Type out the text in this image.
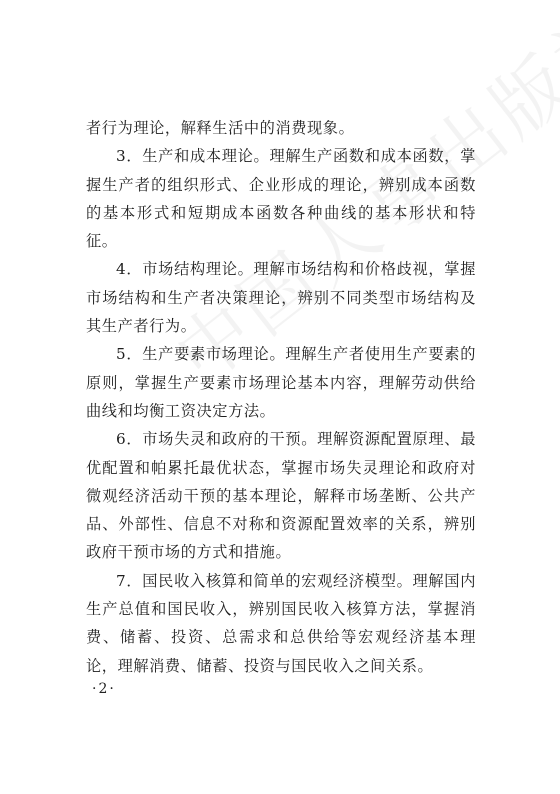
者行为理论，解释生活中的消费现象。

3．生产和成本理论。理解生产函数和成本函数，掌握生产者的组织形式、企业形成的理论，辨别成本函数的基本形式和短期成本函数各种曲线的基本形状和特征。

4．市场结构理论。理解市场结构和价格歧视，掌握市场结构和生产者决策理论，辨别不同类型市场结构及其生产者行为。

5．生产要素市场理论。理解生产者使用生产要素的原则，掌握生产要素市场理论基本内容，理解劳动供给曲线和均衡工资决定方法。

6．市场失灵和政府的干预。理解资源配置原理、最优配置和帕累托最优状态，掌握市场失灵理论和政府对微观经济活动干预的基本理论，解释市场垄断、公共产品、外部性、信息不对称和资源配置效率的关系，辨别政府干预市场的方式和措施。

7．国民收入核算和简单的宏观经济模型。理解国内生产总值和国民收入，辨别国民收入核算方法，掌握消费、储蓄、投资、总需求和总供给等宏观经济基本理论，理解消费、储蓄、投资与国民收入之间关系。

·2·
